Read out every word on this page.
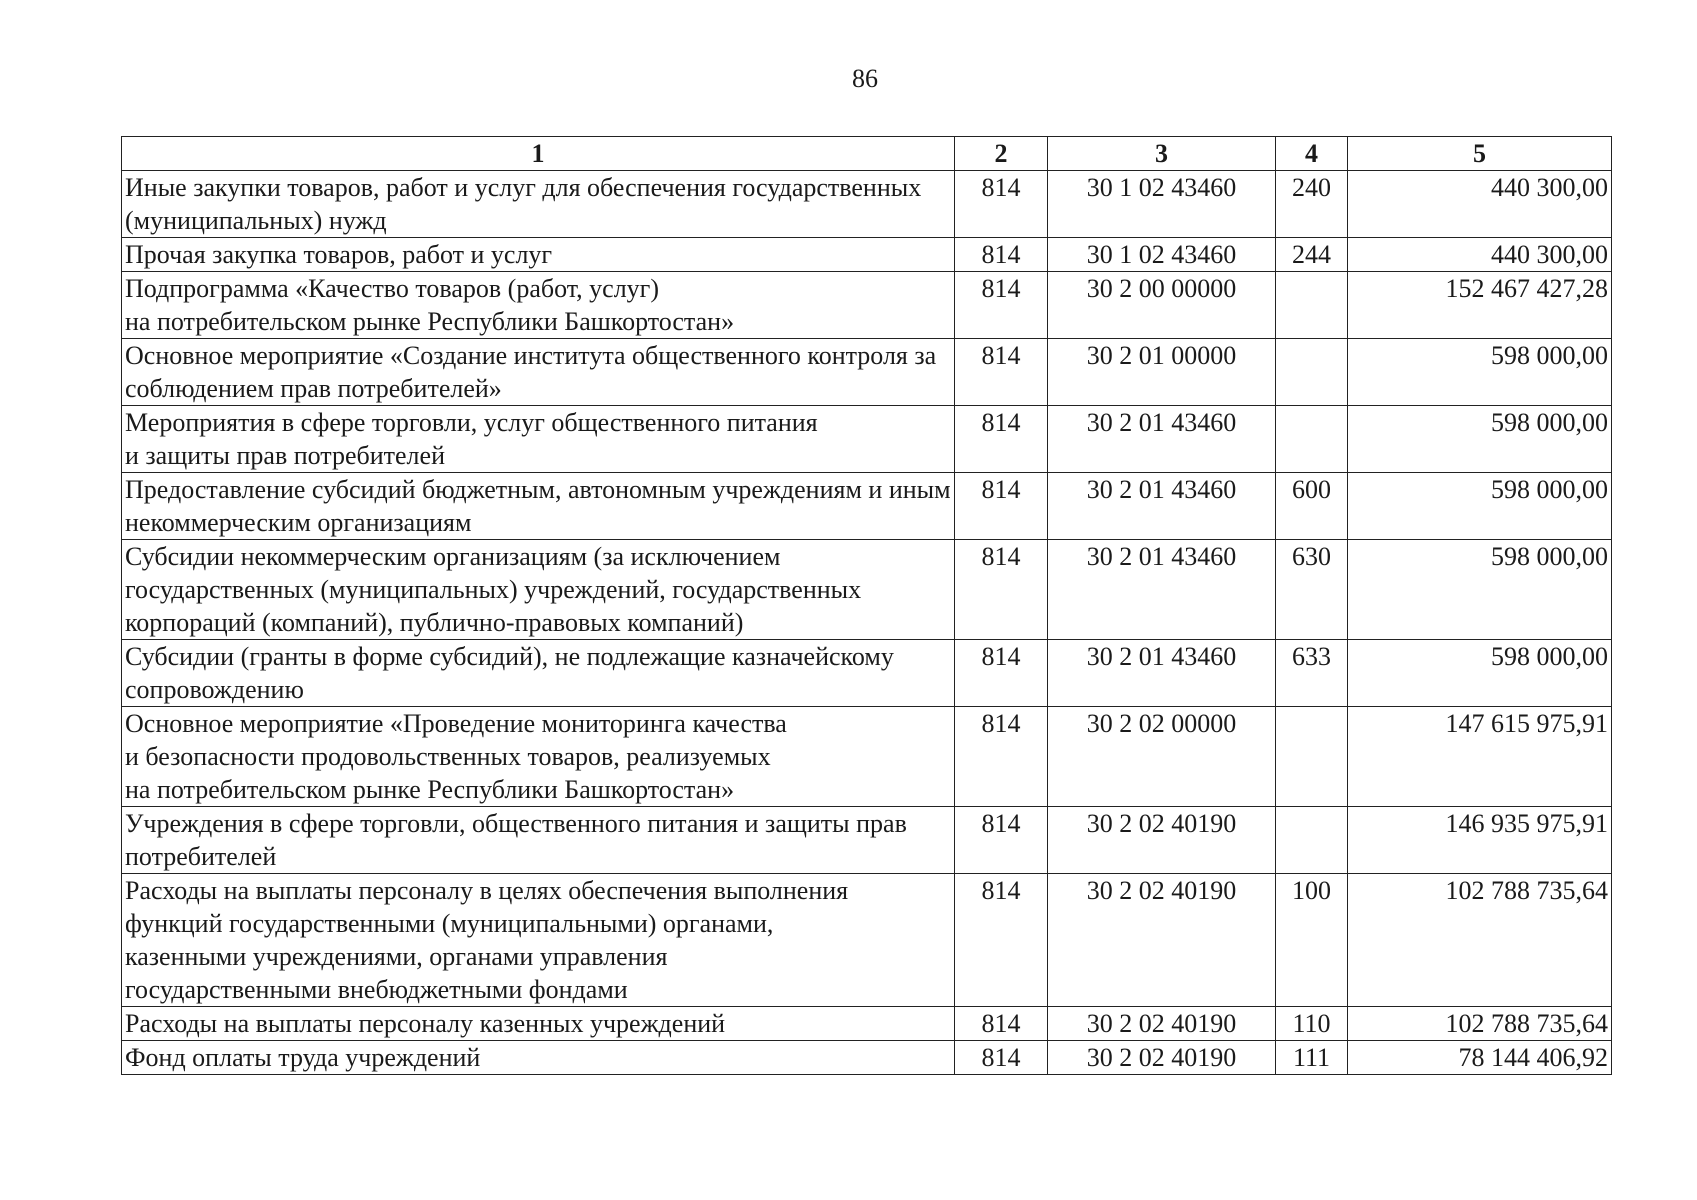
86
1	2	3	4	5
Иные закупки товаров, работ и услуг для обеспечения государственных (муниципальных) нужд	814	30 1 02 43460	240	440 300,00
Прочая закупка товаров, работ и услуг	814	30 1 02 43460	244	440 300,00
Подпрограмма «Качество товаров (работ, услуг)
на потребительском рынке Республики Башкортостан»	814	30 2 00 00000		152 467 427,28
Основное мероприятие «Создание института общественного контроля за соблюдением прав потребителей»	814	30 2 01 00000		598 000,00
Мероприятия в сфере торговли, услуг общественного питания
и защиты прав потребителей	814	30 2 01 43460		598 000,00
Предоставление субсидий бюджетным, автономным учреждениям и иным некоммерческим организациям	814	30 2 01 43460	600	598 000,00
Субсидии некоммерческим организациям (за исключением государственных (муниципальных) учреждений, государственных корпораций (компаний), публично-правовых компаний)	814	30 2 01 43460	630	598 000,00
Субсидии (гранты в форме субсидий), не подлежащие казначейскому сопровождению	814	30 2 01 43460	633	598 000,00
Основное мероприятие «Проведение мониторинга качества
и безопасности продовольственных товаров, реализуемых
на потребительском рынке Республики Башкортостан»	814	30 2 02 00000		147 615 975,91
Учреждения в сфере торговли, общественного питания и защиты прав потребителей	814	30 2 02 40190		146 935 975,91
Расходы на выплаты персоналу в целях обеспечения выполнения функций государственными (муниципальными) органами,
казенными учреждениями, органами управления
государственными внебюджетными фондами	814	30 2 02 40190	100	102 788 735,64
Расходы на выплаты персоналу казенных учреждений	814	30 2 02 40190	110	102 788 735,64
Фонд оплаты труда учреждений	814	30 2 02 40190	111	78 144 406,92
